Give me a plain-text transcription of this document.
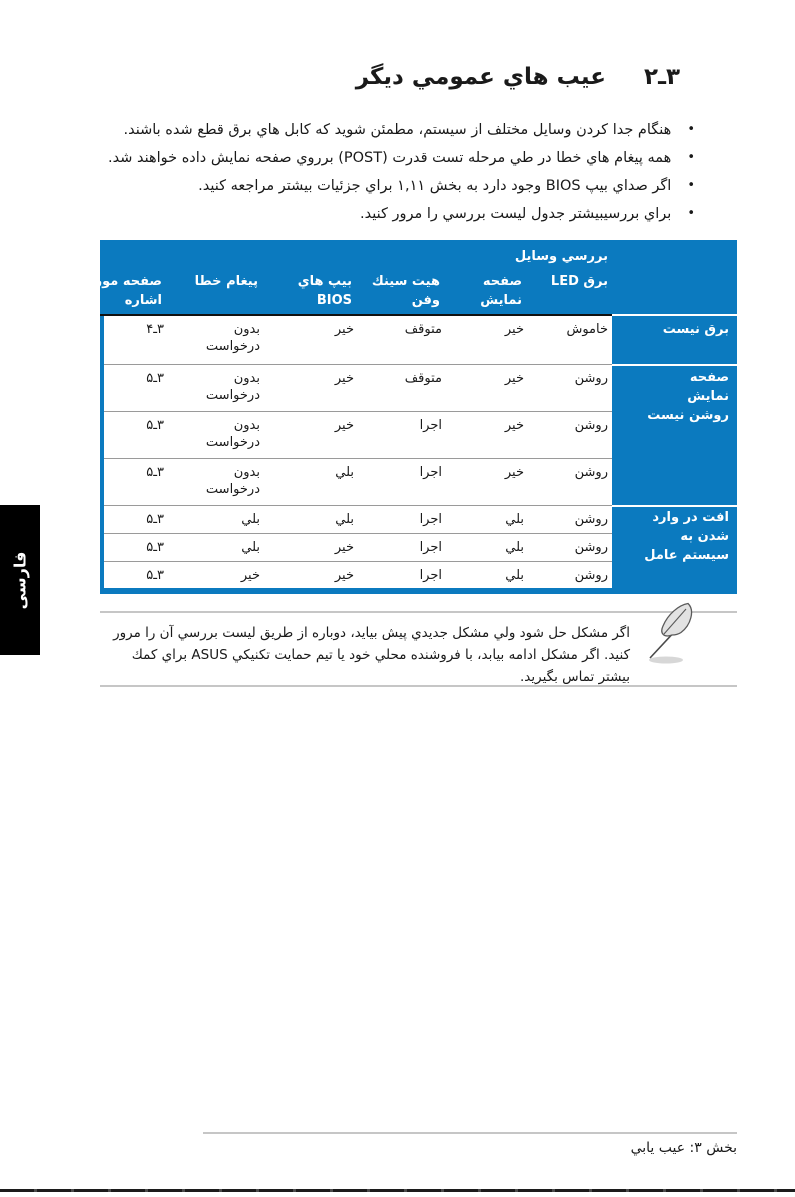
فارسی
۳ـ۲
عيب هاي عمومي ديگر
•
هنگام جدا كردن وسايل مختلف از سيستم، مطمئن شويد كه كابل هاي برق قطع شده باشند.
•
همه پيغام هاي خطا در طي مرحله تست قدرت (POST) برروي صفحه نمايش داده خواهند شد.
•
اگر صداي بيپ BIOS وجود دارد به بخش ۱,۱۱ براي جزئيات بيشتر مراجعه كنيد.
•
براي بررسيبيشتر جدول ليست بررسي را مرور كنيد.
بررسي وسايل
برق LED
صفحه
نمايش
هيت سينك
وفن
بيپ هاي
BIOS
پيغام خطا
صفحه مورد
اشاره
برق نيست
صفحه
نمايش
روشن نيست
افت در وارد
شدن به
سيستم عامل
خاموش
خير
متوقف
خير
بدون درخواست
۳ـ۴
روشن
خير
متوقف
خير
بدون درخواست
۳ـ۵
روشن
خير
اجرا
خير
بدون درخواست
۳ـ۵
روشن
خير
اجرا
بلي
بدون درخواست
۳ـ۵
روشن
بلي
اجرا
بلي
بلي
۳ـ۵
روشن
بلي
اجرا
خير
بلي
۳ـ۵
روشن
بلي
اجرا
خير
خير
۳ـ۵
اگر مشكل حل شود ولي مشكل جديدي پيش بيايد، دوباره از طريق ليست بررسي آن را مرور كنيد. اگر مشكل ادامه بيابد، با فروشنده محلي خود يا تيم حمايت تكنيكي ASUS براي كمك بيشتر تماس بگيريد.
بخش ۳: عيب يابي
